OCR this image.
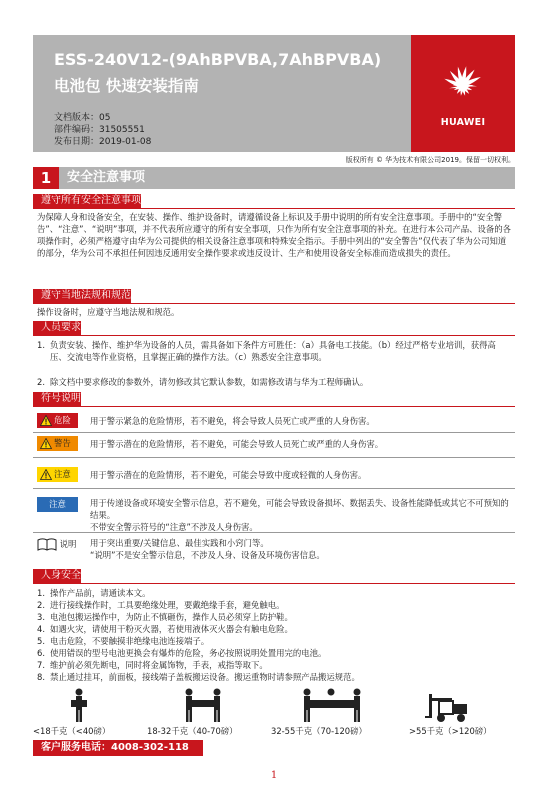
ESS-240V12-(9AhBPVBA,7AhBPVBA)
电池包 快速安装指南
文档版本：05
部件编码：31505551
发布日期：2019-01-08
HUAWEI
版权所有 © 华为技术有限公司2019。保留一切权利。
1	安全注意事项
遵守所有安全注意事项
为保障人身和设备安全，在安装、操作、维护设备时，请遵循设备上标识及手册中说明的所有安全注意事项。手册中的“安全警告”、“注意”、“说明”事项，并不代表所应遵守的所有安全事项，只作为所有安全注意事项的补充。在进行本公司产品、设备的各项操作时，必须严格遵守由华为公司提供的相关设备注意事项和特殊安全指示。手册中列出的“安全警告”仅代表了华为公司知道的部分，华为公司不承担任何因违反通用安全操作要求或违反设计、生产和使用设备安全标准而造成损失的责任。
遵守当地法规和规范
操作设备时，应遵守当地法规和规范。
人员要求
1. 负责安装、操作、维护华为设备的人员，需具备如下条件方可胜任：（a）具备电工技能。（b）经过严格专业培训，获得高压、交流电等作业资格，且掌握正确的操作方法。（c）熟悉安全注意事项。
2. 除文档中要求修改的参数外，请勿修改其它默认参数，如需修改请与华为工程师确认。
符号说明
危险 用于警示紧急的危险情形，若不避免，将会导致人员死亡或严重的人身伤害。
警告 用于警示潜在的危险情形，若不避免，可能会导致人员死亡或严重的人身伤害。
注意 用于警示潜在的危险情形，若不避免，可能会导致中度或轻微的人身伤害。
注意	用于传递设备或环境安全警示信息，若不避免，可能会导致设备损坏、数据丢失、设备性能降低或其它不可预知的结果。
不带安全警示符号的“注意”不涉及人身伤害。
说明 用于突出重要/关键信息、最佳实践和小窍门等。
“说明”不是安全警示信息，不涉及人身、设备及环境伤害信息。
人身安全
1. 操作产品前，请通读本文。
2. 进行接线操作时，工具要绝缘处理，要戴绝缘手套，避免触电。
3. 电池包搬运操作中，为防止不慎砸伤，操作人员必须穿上防护鞋。
4. 如遇火灾，请使用干粉灭火器，若使用液体灭火器会有触电危险。
5. 电击危险，不要触摸非绝缘电池连接端子。
6. 使用错误的型号电池更换会有爆炸的危险，务必按照说明处置用完的电池。
7. 维护前必须先断电，同时将金属饰物，手表，戒指等取下。
8. 禁止通过挂耳，前面板，接线端子盖板搬运设备。搬运重物时请参照产品搬运规范。
<18千克（<40磅）	18-32千克（40-70磅）	32-55千克（70-120磅）	>55千克（>120磅）
客户服务电话：4008-302-118
1
